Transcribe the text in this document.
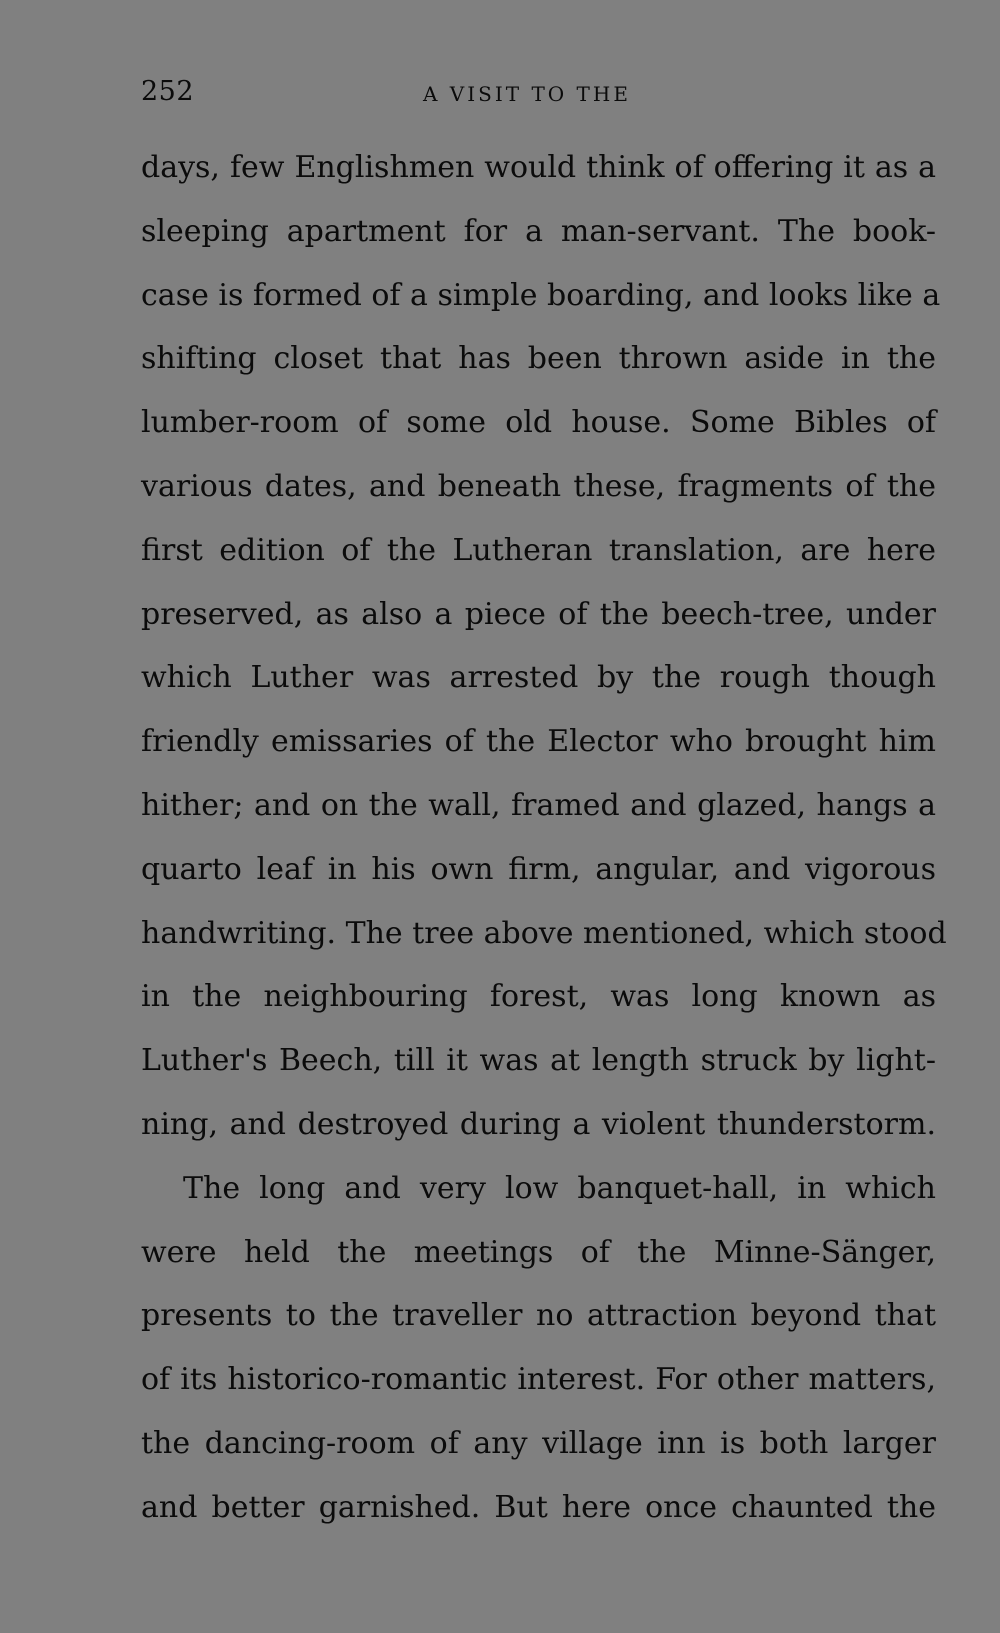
252	A VISIT TO THE
days, few Englishmen would think of offering it as a
sleeping apartment for a man-servant. The book-
case is formed of a simple boarding, and looks like a
shifting closet that has been thrown aside in the
lumber-room of some old house. Some Bibles of
various dates, and beneath these, fragments of the
first edition of the Lutheran translation, are here
preserved, as also a piece of the beech-tree, under
which Luther was arrested by the rough though
friendly emissaries of the Elector who brought him
hither; and on the wall, framed and glazed, hangs a
quarto leaf in his own firm, angular, and vigorous
handwriting. The tree above mentioned, which stood
in the neighbouring forest, was long known as
Luther's Beech, till it was at length struck by light-
ning, and destroyed during a violent thunderstorm.
The long and very low banquet-hall, in which
were held the meetings of the Minne-Sänger,
presents to the traveller no attraction beyond that
of its historico-romantic interest. For other matters,
the dancing-room of any village inn is both larger
and better garnished. But here once chaunted the
